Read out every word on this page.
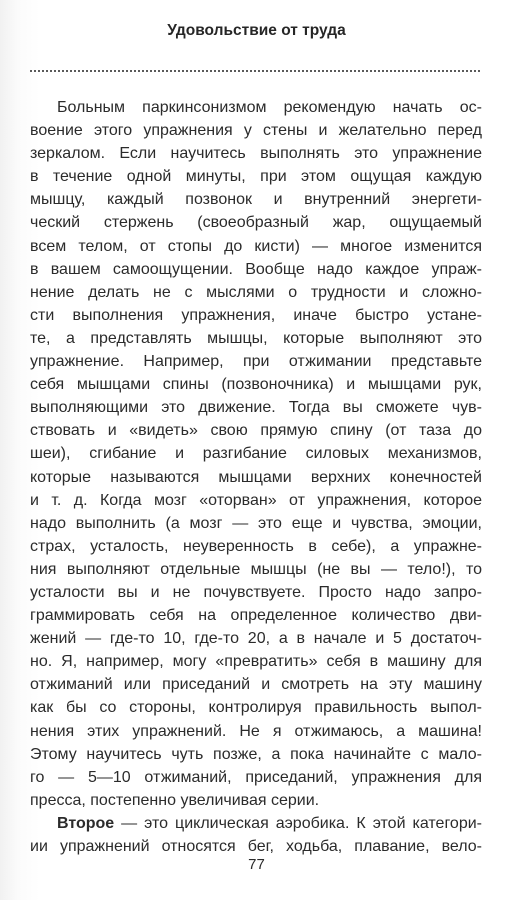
Удовольствие от труда
Больным паркинсонизмом рекомендую начать ос-
воение этого упражнения у стены и желательно перед
зеркалом. Если научитесь выполнять это упражнение
в течение одной минуты, при этом ощущая каждую
мышцу, каждый позвонок и внутренний энергети-
ческий стержень (своеобразный жар, ощущаемый
всем телом, от стопы до кисти) — многое изменится
в вашем самоощущении. Вообще надо каждое упраж-
нение делать не с мыслями о трудности и сложно-
сти выполнения упражнения, иначе быстро устане-
те, а представлять мышцы, которые выполняют это
упражнение. Например, при отжимании представьте
себя мышцами спины (позвоночника) и мышцами рук,
выполняющими это движение. Тогда вы сможете чув-
ствовать и «видеть» свою прямую спину (от таза до
шеи), сгибание и разгибание силовых механизмов,
которые называются мышцами верхних конечностей
и т. д. Когда мозг «оторван» от упражнения, которое
надо выполнить (а мозг — это еще и чувства, эмоции,
страх, усталость, неуверенность в себе), а упражне-
ния выполняют отдельные мышцы (не вы — тело!), то
усталости вы и не почувствуете. Просто надо запро-
граммировать себя на определенное количество дви-
жений — где-то 10, где-то 20, а в начале и 5 достаточ-
но. Я, например, могу «превратить» себя в машину для
отжиманий или приседаний и смотреть на эту машину
как бы со стороны, контролируя правильность выпол-
нения этих упражнений. Не я отжимаюсь, а машина!
Этому научитесь чуть позже, а пока начинайте с мало-
го — 5—10 отжиманий, приседаний, упражнения для
пресса, постепенно увеличивая серии.
Второе — это циклическая аэробика. К этой категори-
ии упражнений относятся бег, ходьба, плавание, вело-
77
